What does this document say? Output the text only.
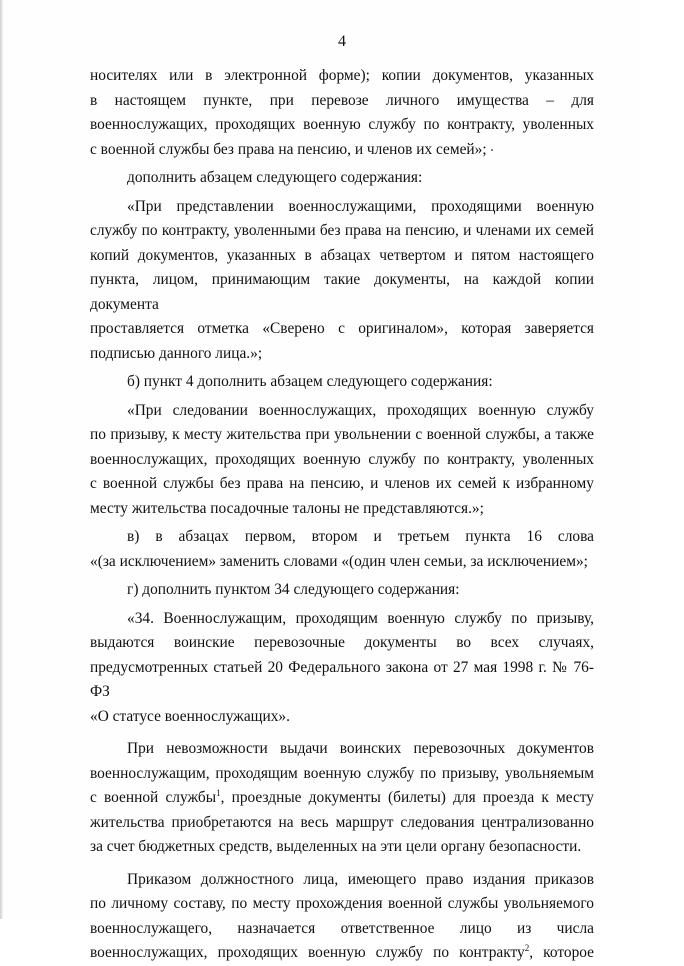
4

носителях или в электронной форме); копии документов, указанных

в настоящем пункте, при перевозе личного имущества – для

военнослужащих, проходящих военную службу по контракту, уволенных

с военной службы без права на пенсию, и членов их семей»;

дополнить абзацем следующего содержания:

«При представлении военнослужащими, проходящими военную

службу по контракту, уволенными без права на пенсию, и членами их семей

копий документов, указанных в абзацах четвертом и пятом настоящего

пункта, лицом, принимающим такие документы, на каждой копии документа

проставляется отметка «Сверено с оригиналом», которая заверяется

подписью данного лица.»;

б) пункт 4 дополнить абзацем следующего содержания:

«При следовании военнослужащих, проходящих военную службу

по призыву, к месту жительства при увольнении с военной службы, а также

военнослужащих, проходящих военную службу по контракту, уволенных

с военной службы без права на пенсию, и членов их семей к избранному

месту жительства посадочные талоны не представляются.»;

в) в абзацах первом, втором и третьем пункта 16 слова

«(за исключением» заменить словами «(один член семьи, за исключением»;

г) дополнить пунктом 34 следующего содержания:

«34. Военнослужащим, проходящим военную службу по призыву,

выдаются воинские перевозочные документы во всех случаях,

предусмотренных статьей 20 Федерального закона от 27 мая 1998 г. № 76-ФЗ

«О статусе военнослужащих».

При невозможности выдачи воинских перевозочных документов

военнослужащим, проходящим военную службу по призыву, увольняемым

с военной службы$^1$, проездные документы (билеты) для проезда к месту

жительства приобретаются на весь маршрут следования централизованно

за счет бюджетных средств, выделенных на эти цели органу безопасности.

Приказом должностного лица, имеющего право издания приказов

по личному составу, по месту прохождения военной службы увольняемого

военнослужащего, назначается ответственное лицо из числа

военнослужащих, проходящих военную службу по контракту$^2$, которое
